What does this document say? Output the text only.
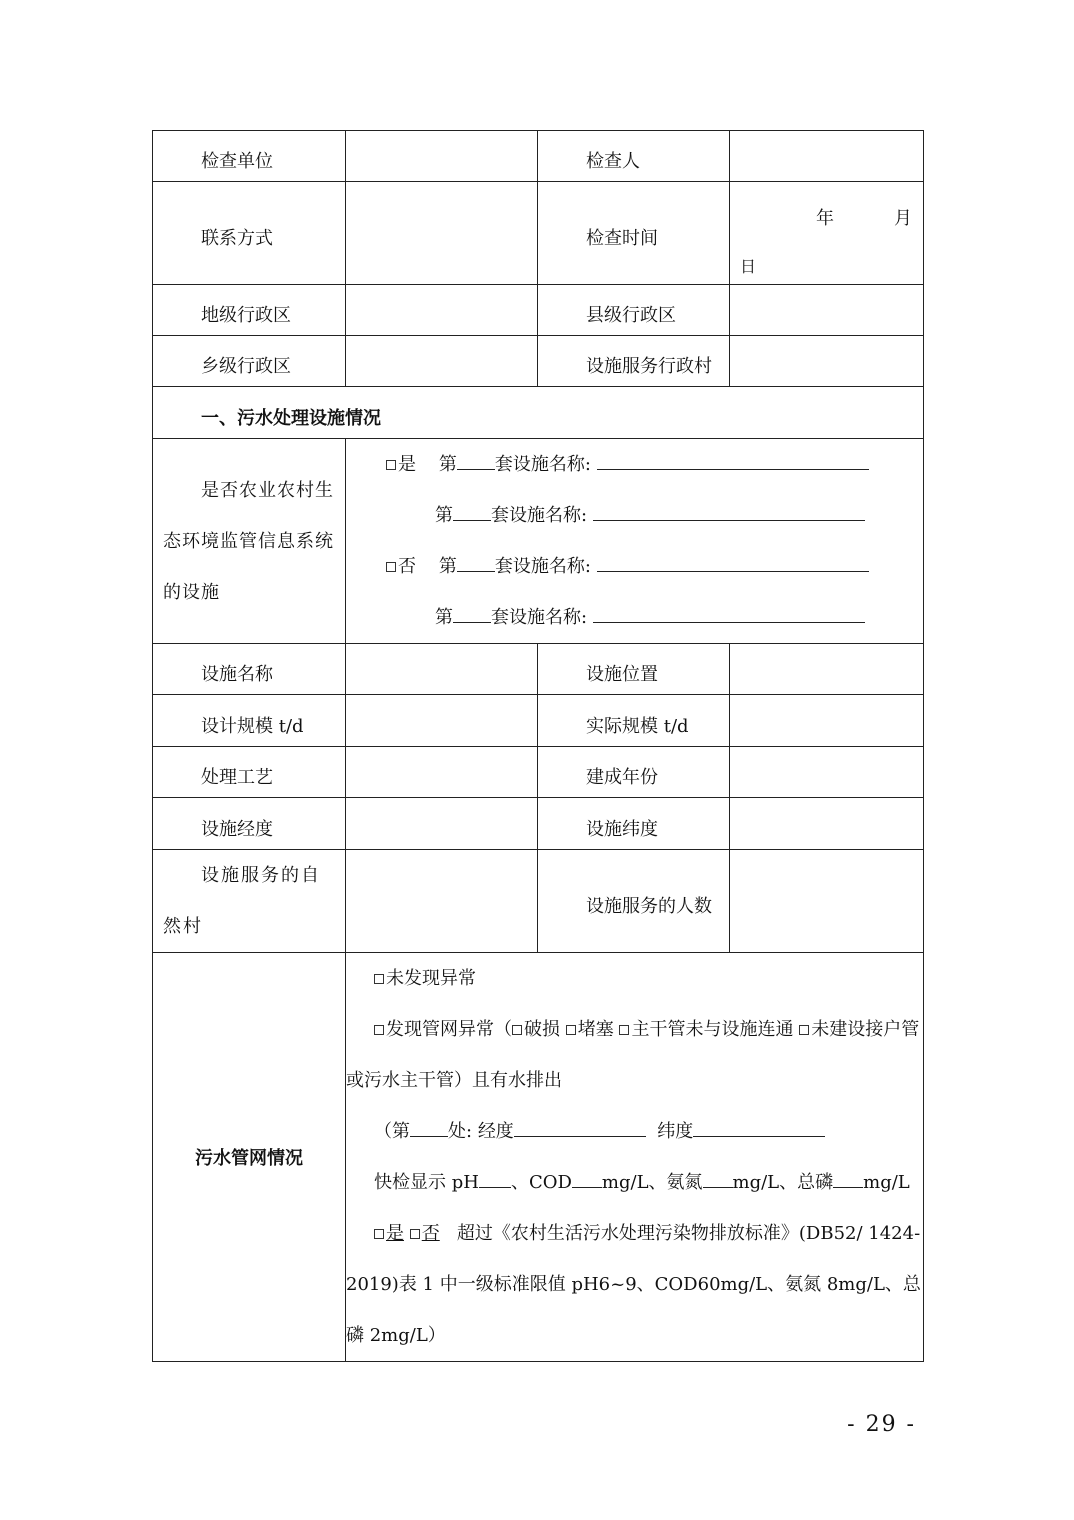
检查单位		检查人	
联系方式		检查时间	年 月
日

地级行政区		县级行政区	
乡级行政区		设施服务行政村	
一、污水处理设施情况			

是否农业农村生态环境监管信息系统的设施	是 第 套设施名称:
第 套设施名称:
否 第 套设施名称:
第 套设施名称:		

设施名称		设施位置	
设计规模 t/d		实际规模 t/d	
处理工艺		建成年份	
设施经度		设施纬度	

设施服务的自然村		设施服务的人数	
污水管网情况	未发现异常
发现管网异常（ 破损 堵塞 主干管未与设施连通 未建设接户管或污水主干管）且有水排出
（第 处: 经度 纬度
快检显示 pH 、COD mg/L、氨氮 mg/L、总磷 mg/L
是 否 超过《农村生活污水处理污染物排放标准》(DB52/ 1424-2019)表 1 中一级标准限值 pH6~9、COD60mg/L、氨氮 8mg/L、总磷 2mg/L）		
- 29 -
